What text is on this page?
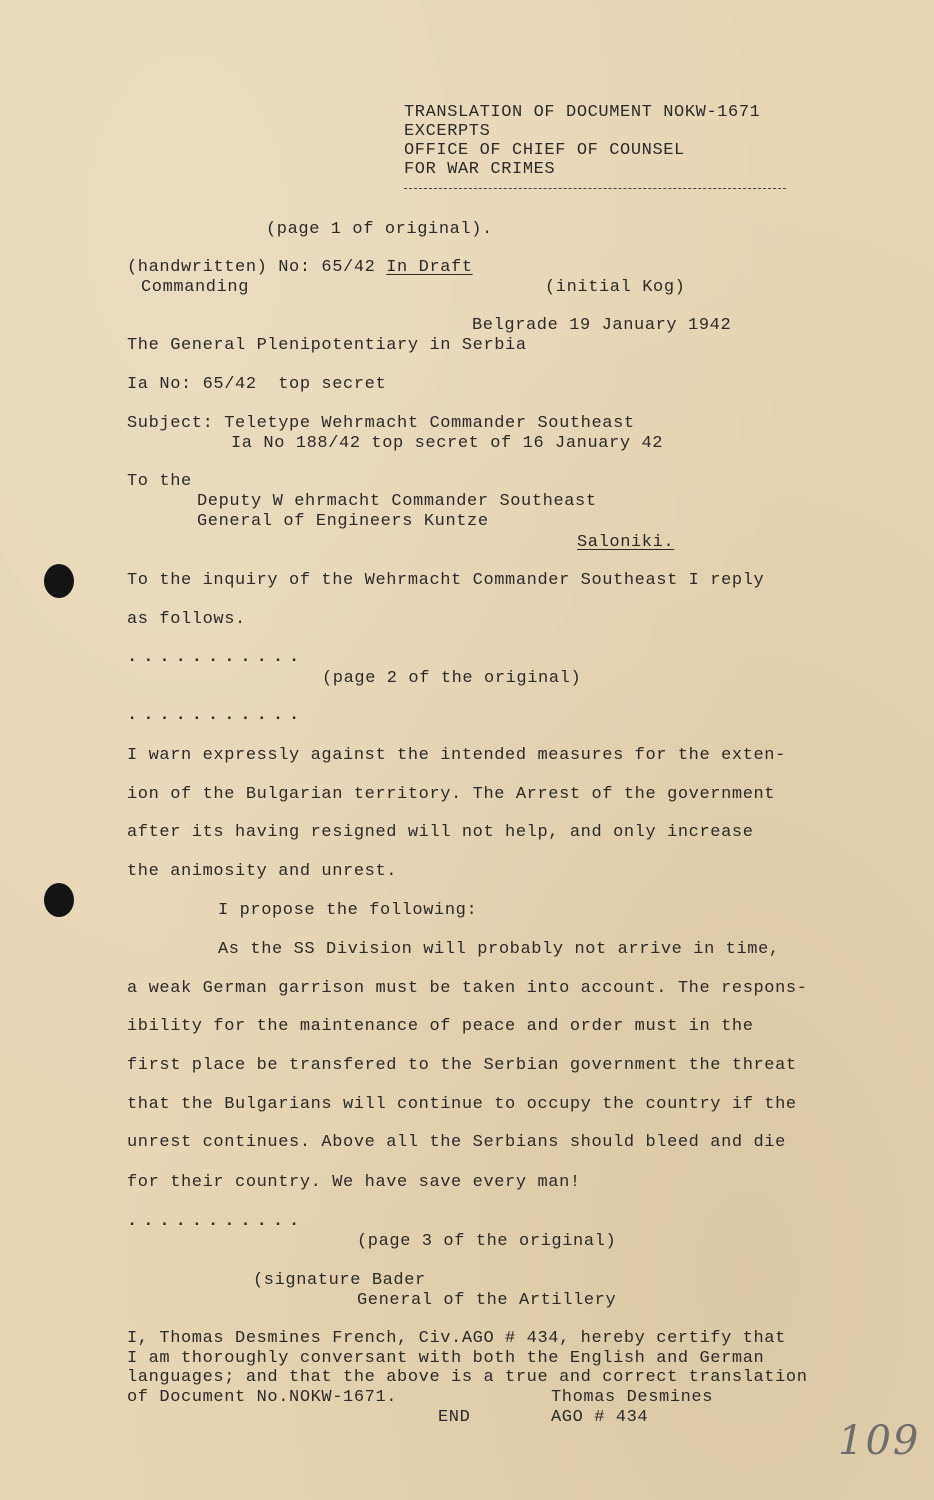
TRANSLATION OF DOCUMENT NOKW-1671
EXCERPTS
OFFICE OF CHIEF OF COUNSEL
FOR WAR CRIMES
(page 1 of original).
(handwritten) No: 65/42 In Draft
Commanding	(initial Kog)
Belgrade 19 January 1942
The General Plenipotentiary in Serbia
Ia No: 65/42  top secret
Subject: Teletype Wehrmacht Commander Southeast
Ia No 188/42 top secret of 16 January 42
To the
Deputy W ehrmacht Commander Southeast
General of Engineers Kuntze
Saloniki.
To the inquiry of the Wehrmacht Commander Southeast I reply
as follows.
...........
(page 2 of the original)
...........
I warn expressly against the intended measures for the exten-
ion of the Bulgarian territory. The Arrest of the government
after its having resigned will not help, and only increase
the animosity and unrest.
I propose the following:
As the SS Division will probably not arrive in time,
a weak German garrison must be taken into account. The respons-
ibility for the maintenance of peace and order must in the
first place be transfered to the Serbian government the threat
that the Bulgarians will continue to occupy the country if the
unrest continues. Above all the Serbians should bleed and die
for their country. We have save every man!
...........
(page 3 of the original)
(signature Bader
General of the Artillery
I, Thomas Desmines French, Civ.AGO # 434, hereby certify that
I am thoroughly conversant with both the English and German
languages; and that the above is a true and correct translation
of Document No.NOKW-1671.	Thomas Desmines
END	AGO # 434
109
